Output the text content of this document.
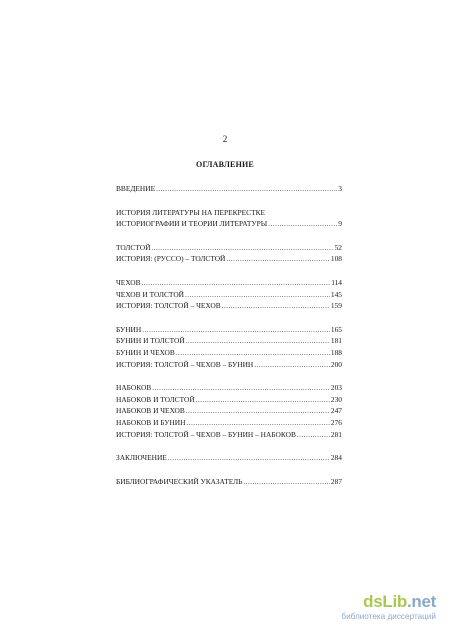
2
ОГЛАВЛЕНИЕ
ВВЕДЕНИЕ .....	3
ИСТОРИЯ ЛИТЕРАТУРЫ НА ПЕРЕКРЕСТКЕ
ИСТОРИОГРАФИИ И ТЕОРИИ ЛИТЕРАТУРЫ .....	9
ТОЛСТОЙ .....	52
ИСТОРИЯ: (РУССО) – ТОЛСТОЙ .....	108
ЧЕХОВ .....	114
ЧЕХОВ И ТОЛСТОЙ .....	145
ИСТОРИЯ: ТОЛСТОЙ – ЧЕХОВ .....	159
БУНИН .....	165
БУНИН И ТОЛСТОЙ .....	181
БУНИН И ЧЕХОВ .....	188
ИСТОРИЯ: ТОЛСТОЙ – ЧЕХОВ – БУНИН .....	200
НАБОКОВ .....	203
НАБОКОВ И ТОЛСТОЙ .....	230
НАБОКОВ И ЧЕХОВ .....	247
НАБОКОВ И БУНИН .....	276
ИСТОРИЯ: ТОЛСТОЙ – ЧЕХОВ – БУНИН – НАБОКОВ .....	281
ЗАКЛЮЧЕНИЕ .....	284
БИБЛИОГРАФИЧЕСКИЙ УКАЗАТЕЛЬ .....	287
dsLib.net
библиотека диссертаций
